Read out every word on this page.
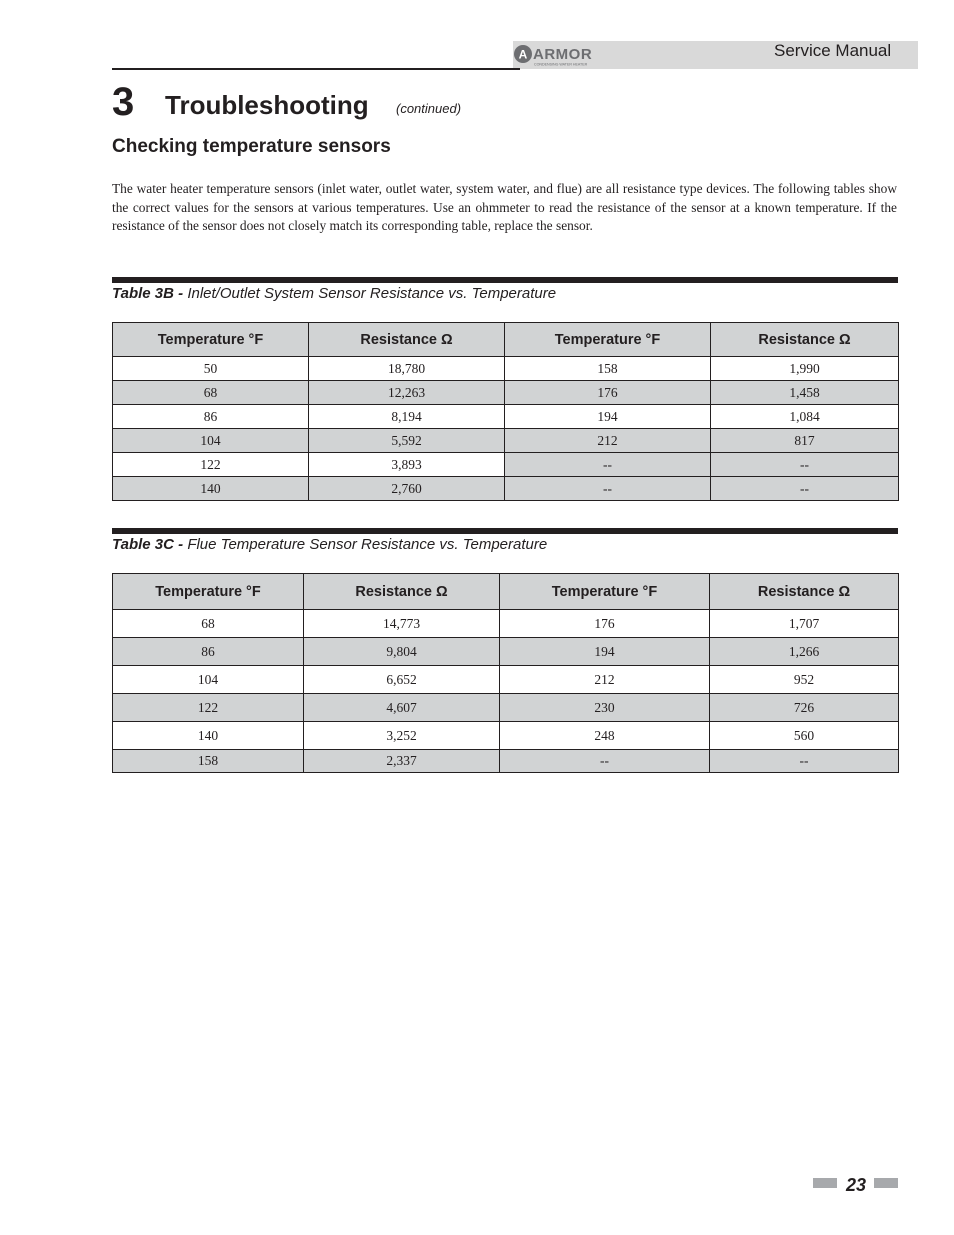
A ARMOR
CONDENSING WATER HEATER
Service Manual
3 Troubleshooting (continued)
Checking temperature sensors
The water heater temperature sensors (inlet water, outlet water, system water, and flue) are all resistance type devices. The following tables show the correct values for the sensors at various temperatures. Use an ohmmeter to read the resistance of the sensor at a known temperature. If the resistance of the sensor does not closely match its corresponding table, replace the sensor.
Table 3B - Inlet/Outlet System Sensor Resistance vs. Temperature
Temperature °F	Resistance Ω	Temperature °F	Resistance Ω
50	18,780	158	1,990
68	12,263	176	1,458
86	8,194	194	1,084
104	5,592	212	817
122	3,893	--	--
140	2,760	--	--
Table 3C - Flue Temperature Sensor Resistance vs. Temperature
Temperature °F	Resistance Ω	Temperature °F	Resistance Ω
68	14,773	176	1,707
86	9,804	194	1,266
104	6,652	212	952
122	4,607	230	726
140	3,252	248	560
158	2,337	--	--
23
